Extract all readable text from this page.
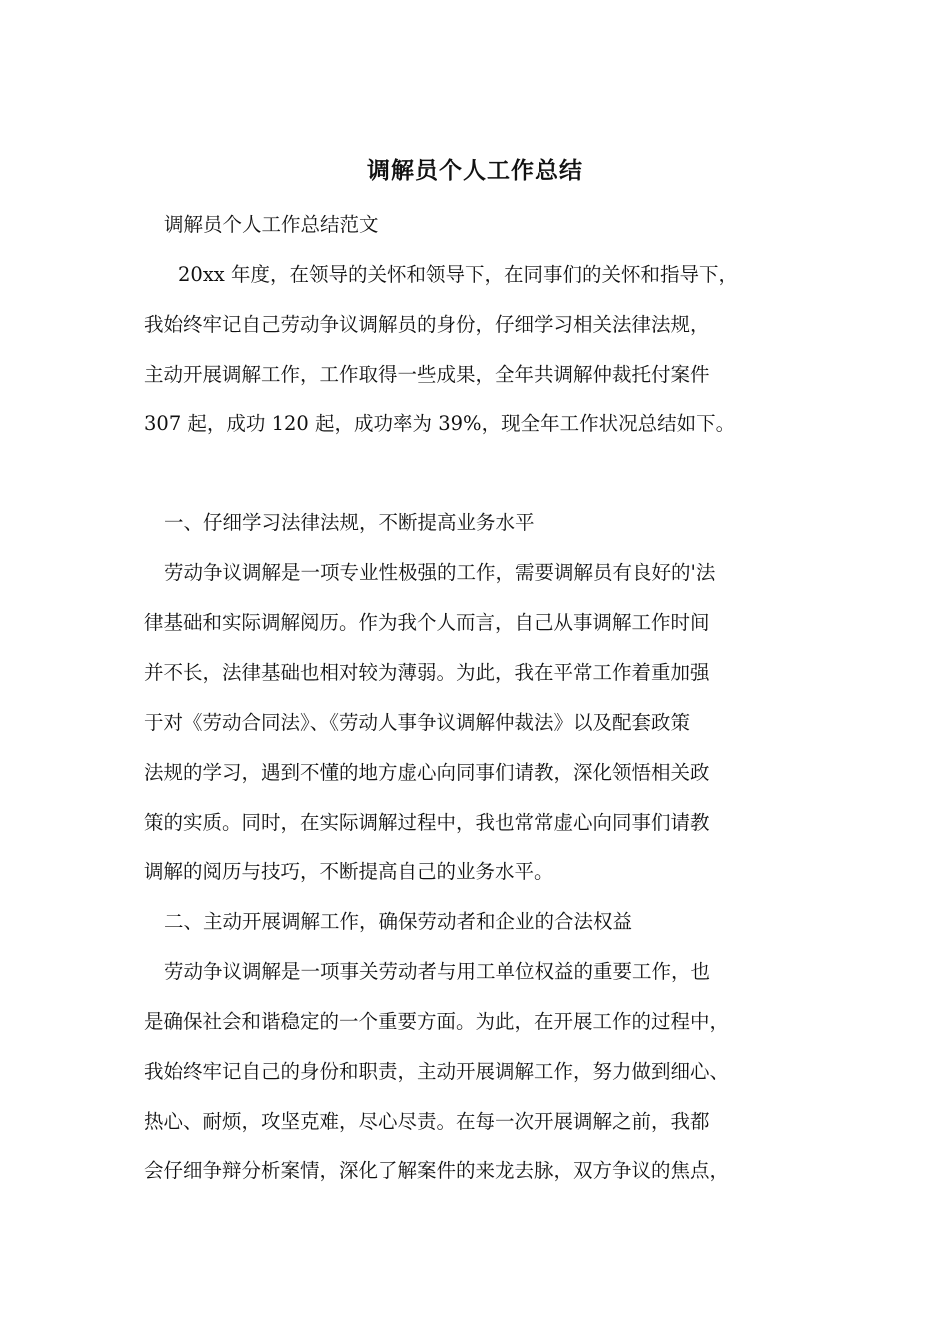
调解员个人工作总结

调解员个人工作总结范文

20xx 年度，在领导的关怀和领导下，在同事们的关怀和指导下，

我始终牢记自己劳动争议调解员的身份，仔细学习相关法律法规，

主动开展调解工作，工作取得一些成果，全年共调解仲裁托付案件

307 起，成功 120 起，成功率为 39%，现全年工作状况总结如下。

一、仔细学习法律法规，不断提高业务水平

劳动争议调解是一项专业性极强的工作，需要调解员有良好的'法

律基础和实际调解阅历。作为我个人而言，自己从事调解工作时间

并不长，法律基础也相对较为薄弱。为此，我在平常工作着重加强

于对《劳动合同法》、《劳动人事争议调解仲裁法》以及配套政策

法规的学习，遇到不懂的地方虚心向同事们请教，深化领悟相关政

策的实质。同时，在实际调解过程中，我也常常虚心向同事们请教

调解的阅历与技巧，不断提高自己的业务水平。

二、主动开展调解工作，确保劳动者和企业的合法权益

劳动争议调解是一项事关劳动者与用工单位权益的重要工作，也

是确保社会和谐稳定的一个重要方面。为此，在开展工作的过程中，

我始终牢记自己的身份和职责，主动开展调解工作，努力做到细心、

热心、耐烦，攻坚克难，尽心尽责。在每一次开展调解之前，我都

会仔细争辩分析案情，深化了解案件的来龙去脉，双方争议的焦点，
